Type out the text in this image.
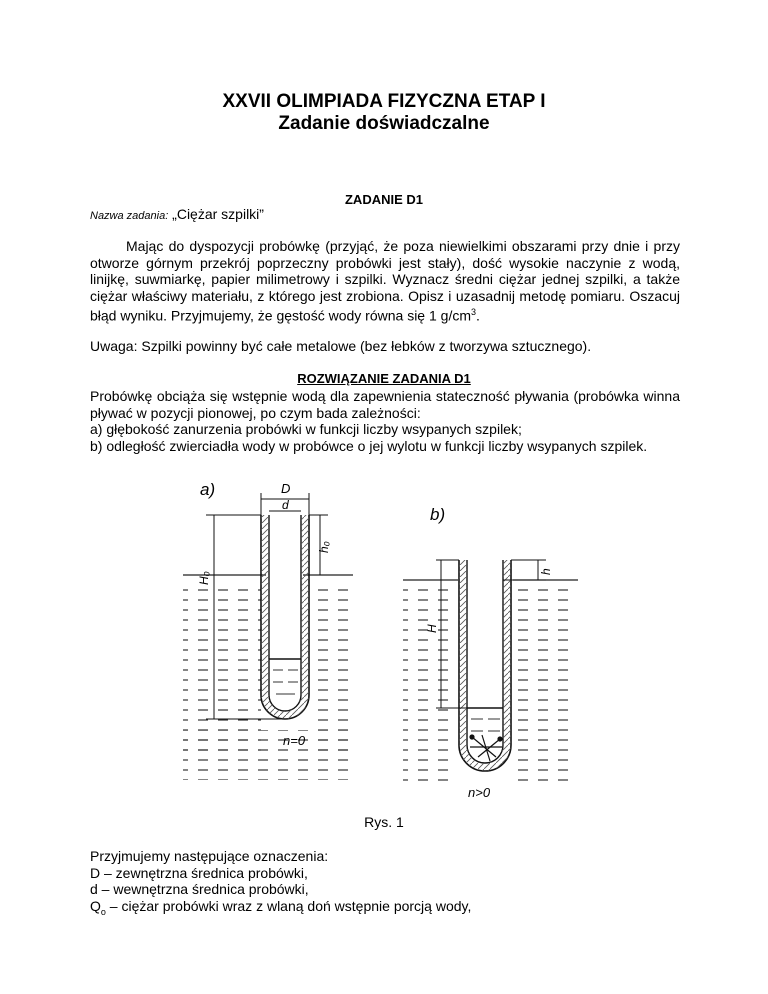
XXVII OLIMPIADA FIZYCZNA ETAP I
Zadanie doświadczalne
ZADANIE D1
Nazwa zadania: „Ciężar szpilki”

Mając do dyspozycji probówkę (przyjąć, że poza niewielkimi obszarami przy dnie i przy otworze górnym przekrój poprzeczny probówki jest stały), dość wysokie naczynie z wodą, linijkę, suwmiarkę, papier milimetrowy i szpilki. Wyznacz średni ciężar jednej szpilki, a także ciężar właściwy materiału, z którego jest zrobiona. Opisz i uzasadnij metodę pomiaru. Oszacuj błąd wyniku. Przyjmujemy, że gęstość wody równa się 1 $g/cm^3$.

Uwaga: Szpilki powinny być całe metalowe (bez łebków z tworzywa sztucznego).
ROZWIĄZANIE ZADANIA D1

Probówkę obciąża się wstępnie wodą dla zapewnienia stateczność pływania (probówka winna pływać w pozycji pionowej, po czym bada zależności:

a) głębokość zanurzenia probówki w funkcji liczby wsypanych szpilek;

b) odległość zwierciadła wody w probówce o jej wylotu w funkcji liczby wsypanych szpilek.

a)	D
d
h₀
H₀
n=0
b)
h
H
n>0
Rys. 1

Przyjmujemy następujące oznaczenia:

D – zewnętrzna średnica probówki,

d – wewnętrzna średnica probówki,

$Q_o$ – ciężar probówki wraz z wlaną doń wstępnie porcją wody,
